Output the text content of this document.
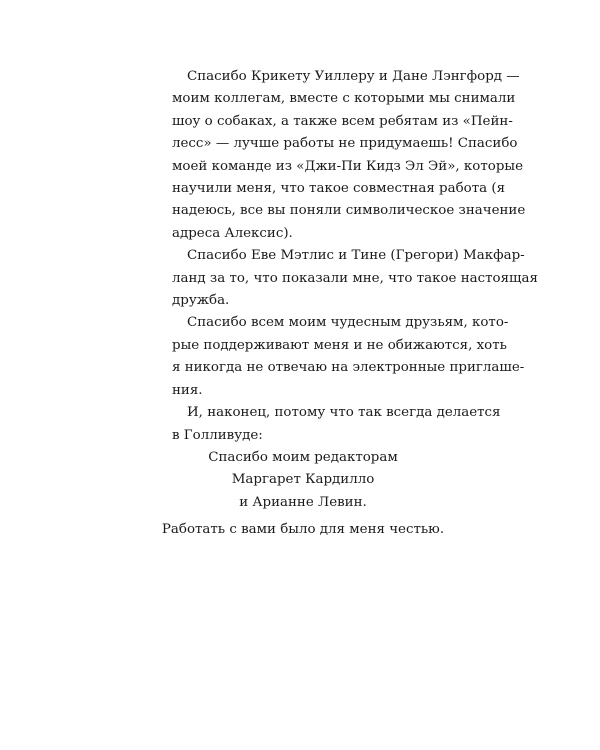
Спасибо Крикету Уиллеру и Дане Лэнгфорд —
моим коллегам, вместе с которыми мы снимали
шоу о собаках, а также всем ребятам из «Пейн-
лесс» — лучше работы не придумаешь! Спасибо
моей команде из «Джи-Пи Кидз Эл Эй», которые
научили меня, что такое совместная работа (я
надеюсь, все вы поняли символическое значение
адреса Алексис).
Спасибо Еве Мэтлис и Тине (Грегори) Макфар-
ланд за то, что показали мне, что такое настоящая
дружба.
Спасибо всем моим чудесным друзьям, кото-
рые поддерживают меня и не обижаются, хоть
я никогда не отвечаю на электронные приглаше-
ния.
И, наконец, потому что так всегда делается
в Голливуде:
Спасибо моим редакторам
Маргарет Кардилло
и Арианне Левин.
Работать с вами было для меня честью.
